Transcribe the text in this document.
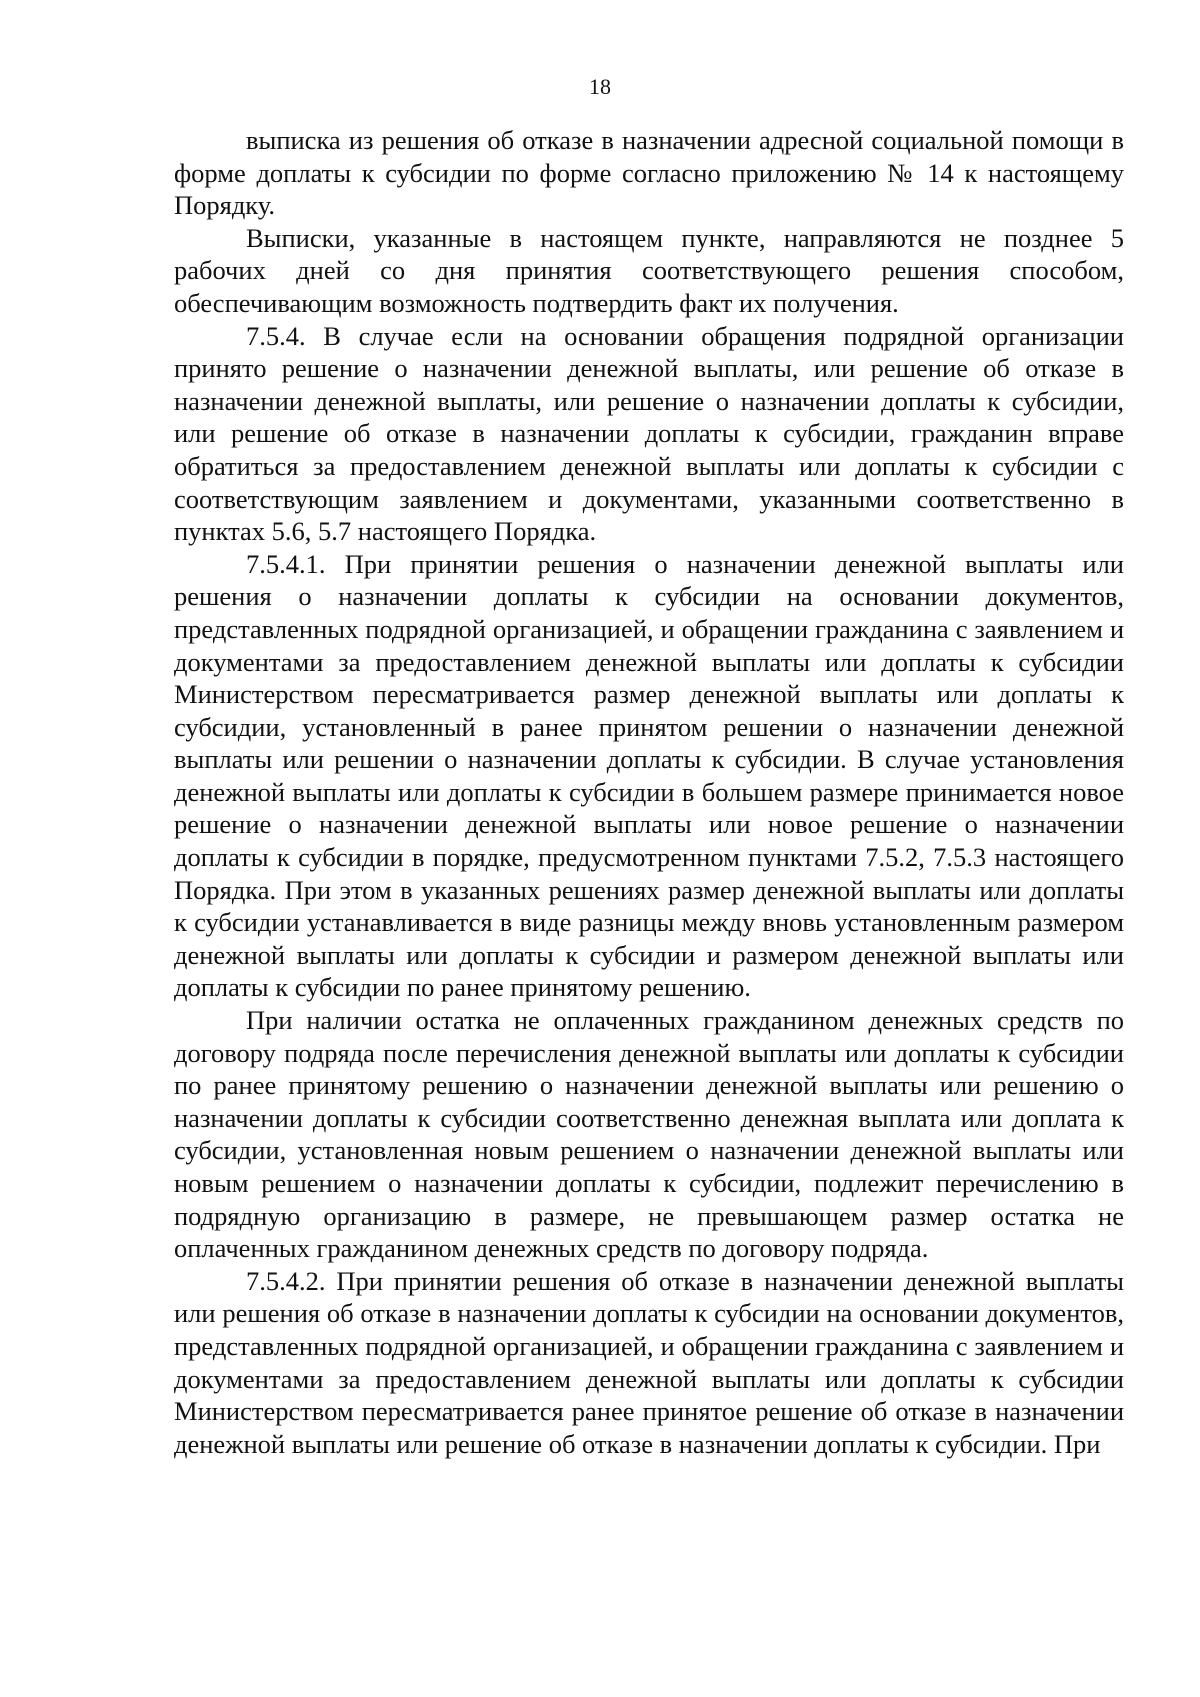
18

выписка из решения об отказе в назначении адресной социальной помощи в форме доплаты к субсидии по форме согласно приложению № 14 к настоящему Порядку.

Выписки, указанные в настоящем пункте, направляются не позднее 5 рабочих дней со дня принятия соответствующего решения способом, обеспечивающим возможность подтвердить факт их получения.

7.5.4. В случае если на основании обращения подрядной организации принято решение о назначении денежной выплаты, или решение об отказе в назначении денежной выплаты, или решение о назначении доплаты к субсидии, или решение об отказе в назначении доплаты к субсидии, гражданин вправе обратиться за предоставлением денежной выплаты или доплаты к субсидии с соответствующим заявлением и документами, указанными соответственно в пунктах 5.6, 5.7 настоящего Порядка.

7.5.4.1. При принятии решения о назначении денежной выплаты или решения о назначении доплаты к субсидии на основании документов, представленных подрядной организацией, и обращении гражданина с заявлением и документами за предоставлением денежной выплаты или доплаты к субсидии Министерством пересматривается размер денежной выплаты или доплаты к субсидии, установленный в ранее принятом решении о назначении денежной выплаты или решении о назначении доплаты к субсидии. В случае установления денежной выплаты или доплаты к субсидии в большем размере принимается новое решение о назначении денежной выплаты или новое решение о назначении доплаты к субсидии в порядке, предусмотренном пунктами 7.5.2, 7.5.3 настоящего Порядка. При этом в указанных решениях размер денежной выплаты или доплаты к субсидии устанавливается в виде разницы между вновь установленным размером денежной выплаты или доплаты к субсидии и размером денежной выплаты или доплаты к субсидии по ранее принятому решению.

При наличии остатка не оплаченных гражданином денежных средств по договору подряда после перечисления денежной выплаты или доплаты к субсидии по ранее принятому решению о назначении денежной выплаты или решению о назначении доплаты к субсидии соответственно денежная выплата или доплата к субсидии, установленная новым решением о назначении денежной выплаты или новым решением о назначении доплаты к субсидии, подлежит перечислению в подрядную организацию в размере, не превышающем размер остатка не оплаченных гражданином денежных средств по договору подряда.

7.5.4.2. При принятии решения об отказе в назначении денежной выплаты или решения об отказе в назначении доплаты к субсидии на основании документов, представленных подрядной организацией, и обращении гражданина с заявлением и документами за предоставлением денежной выплаты или доплаты к субсидии Министерством пересматривается ранее принятое решение об отказе в назначении денежной выплаты или решение об отказе в назначении доплаты к субсидии. При
